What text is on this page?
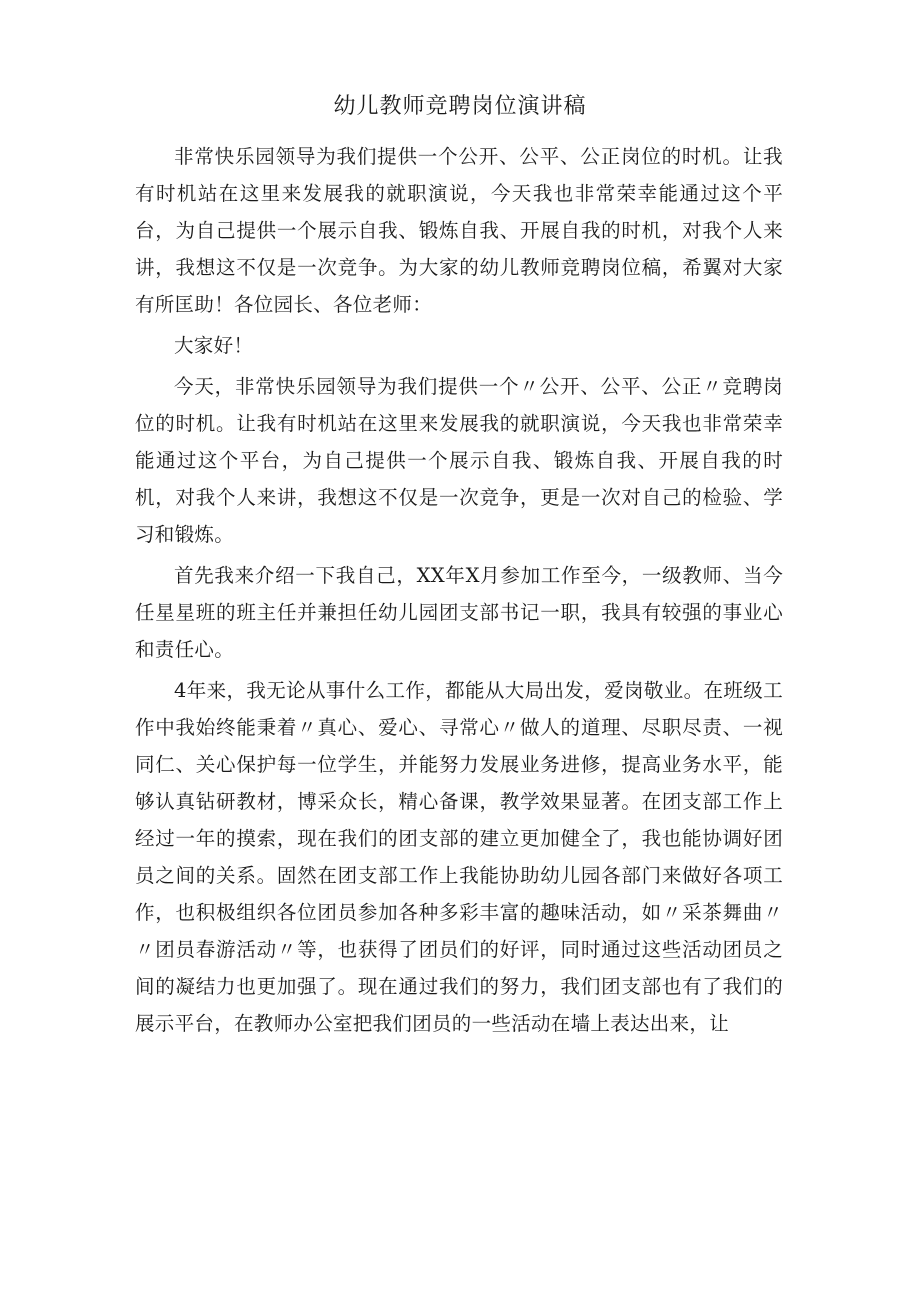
幼儿教师竞聘岗位演讲稿

非常快乐园领导为我们提供一个公开、公平、公正岗位的时机。让我有时机站在这里来发展我的就职演说，今天我也非常荣幸能通过这个平台，为自己提供一个展示自我、锻炼自我、开展自我的时机，对我个人来讲，我想这不仅是一次竞争。为大家的幼儿教师竞聘岗位稿，希翼对大家有所匡助！各位园长、各位老师：

大家好！

今天，非常快乐园领导为我们提供一个〃公开、公平、公正〃竞聘岗位的时机。让我有时机站在这里来发展我的就职演说，今天我也非常荣幸能通过这个平台，为自己提供一个展示自我、锻炼自我、开展自我的时机，对我个人来讲，我想这不仅是一次竞争，更是一次对自己的检验、学习和锻炼。

首先我来介绍一下我自己，XX年X月参加工作至今，一级教师、当今任星星班的班主任并兼担任幼儿园团支部书记一职，我具有较强的事业心和责任心。

4年来，我无论从事什么工作，都能从大局出发，爱岗敬业。在班级工作中我始终能秉着〃真心、爱心、寻常心〃做人的道理、尽职尽责、一视同仁、关心保护每一位学生，并能努力发展业务进修，提高业务水平，能够认真钻研教材，博采众长，精心备课，教学效果显著。在团支部工作上经过一年的摸索，现在我们的团支部的建立更加健全了，我也能协调好团员之间的关系。固然在团支部工作上我能协助幼儿园各部门来做好各项工作，也积极组织各位团员参加各种多彩丰富的趣味活动，如〃采茶舞曲〃〃团员春游活动〃等，也获得了团员们的好评，同时通过这些活动团员之间的凝结力也更加强了。现在通过我们的努力，我们团支部也有了我们的展示平台，在教师办公室把我们团员的一些活动在墙上表达出来，让
